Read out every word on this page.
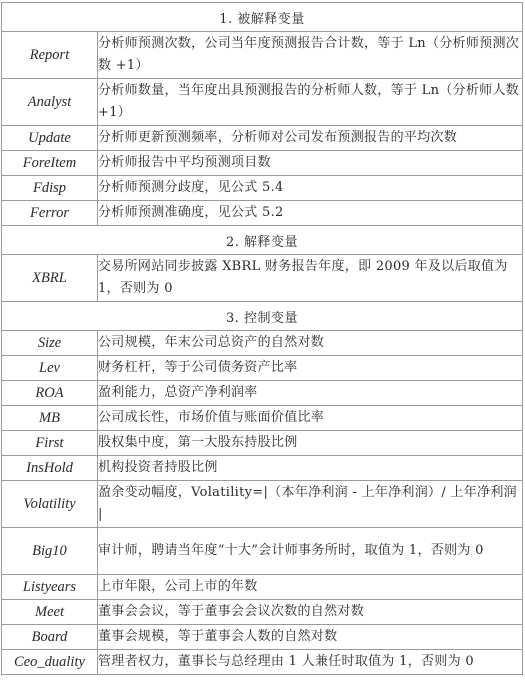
1. 被解释变量	
Report	分析师预测次数，公司当年度预测报告合计数，等于 Ln（分析师预测次数 +1）
Analyst	分析师数量，当年度出具预测报告的分析师人数，等于 Ln（分析师人数 +1）
Update	分析师更新预测频率，分析师对公司发布预测报告的平均次数
ForeItem	分析师报告中平均预测项目数
Fdisp	分析师预测分歧度，见公式 5.4
Ferror	分析师预测准确度，见公式 5.2
2. 解释变量	
XBRL	交易所网站同步披露 XBRL 财务报告年度，即 2009 年及以后取值为 1，否则为 0
3. 控制变量	
Size	公司规模，年末公司总资产的自然对数
Lev	财务杠杆，等于公司债务资产比率
ROA	盈利能力，总资产净利润率
MB	公司成长性，市场价值与账面价值比率
First	股权集中度，第一大股东持股比例
InsHold	机构投资者持股比例
Volatility	盈余变动幅度，Volatility=|（本年净利润 - 上年净利润）/ 上年净利润 |
Big10	审计师，聘请当年度“十大”会计师事务所时，取值为 1，否则为 0
Listyears	上市年限，公司上市的年数
Meet	董事会会议，等于董事会会议次数的自然对数
Board	董事会规模，等于董事会人数的自然对数
Ceo_duality	管理者权力，董事长与总经理由 1 人兼任时取值为 1，否则为 0
